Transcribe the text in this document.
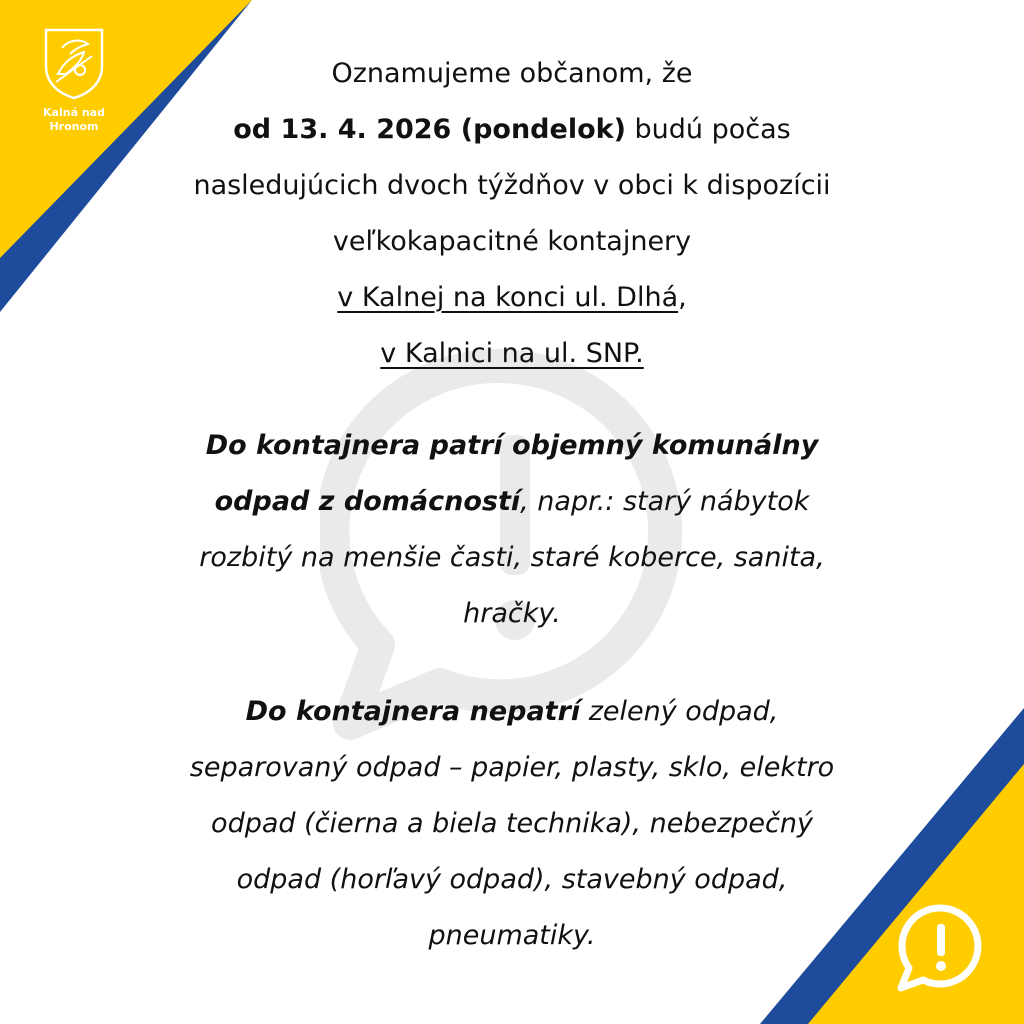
Kalná nad
Hronom
Oznamujeme občanom, že
od 13. 4. 2026 (pondelok) budú počas
nasledujúcich dvoch týždňov v obci k dispozícii
veľkokapacitné kontajnery
v Kalnej na konci ul. Dlhá,
v Kalnici na ul. SNP.
Do kontajnera patrí objemný komunálny
odpad z domácností, napr.: starý nábytok
rozbitý na menšie časti, staré koberce, sanita,
hračky.
Do kontajnera nepatrí zelený odpad,
separovaný odpad – papier, plasty, sklo, elektro
odpad (čierna a biela technika), nebezpečný
odpad (horľavý odpad), stavebný odpad,
pneumatiky.
